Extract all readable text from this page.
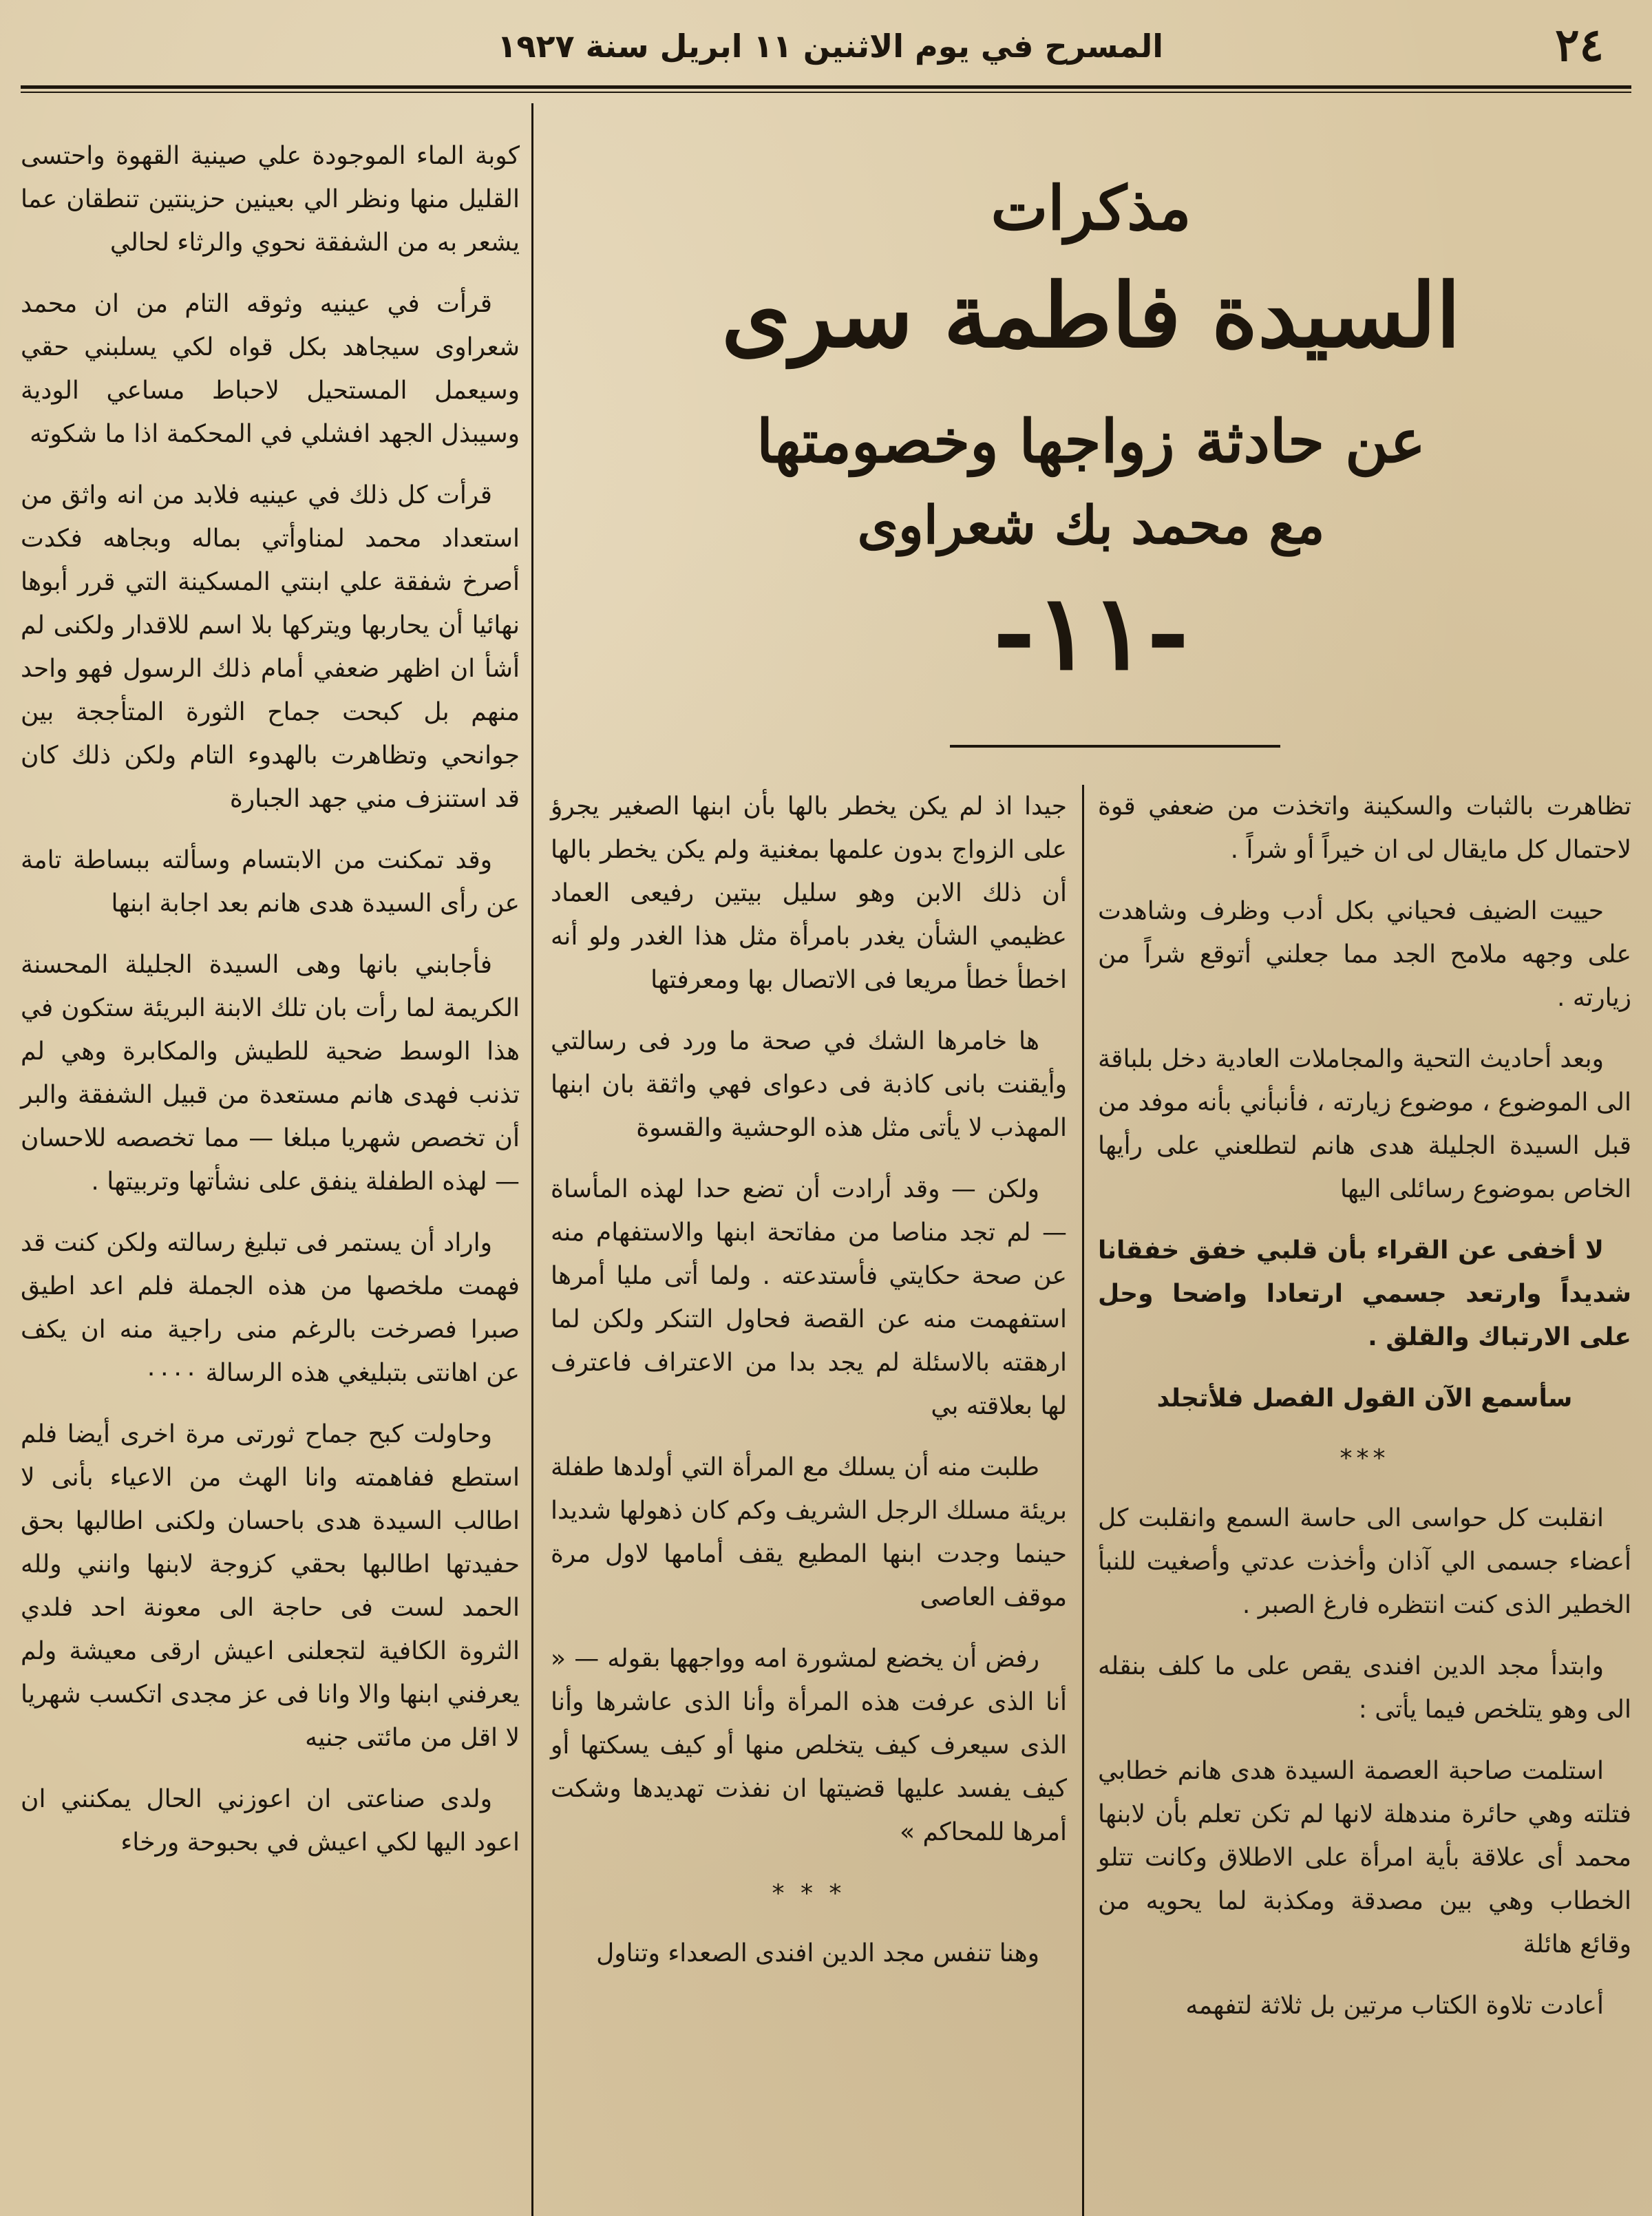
٢٤
المسرح في يوم الاثنين ١١ ابريل سنة ١٩٢٧
مذكرات
السيدة فاطمة سرى
عن حادثة زواجها وخصومتها
مع محمد بك شعراوى
-١١-

كوبة الماء الموجودة علي صينية القهوة واحتسى القليل منها ونظر الي بعينين حزينتين تنطقان عما يشعر به من الشفقة نحوي والرثاء لحالي

قرأت في عينيه وثوقه التام من ان محمد شعراوى سيجاهد بكل قواه لكي يسلبني حقي وسيعمل المستحيل لاحباط مساعي الودية وسيبذل الجهد افشلي في المحكمة اذا ما شكوته

قرأت كل ذلك في عينيه فلابد من انه واثق من استعداد محمد لمناوأتي بماله وبجاهه فكدت أصرخ شفقة علي ابنتي المسكينة التي قرر أبوها نهائيا أن يحاربها ويتركها بلا اسم للاقدار ولكنى لم أشأ ان اظهر ضعفي أمام ذلك الرسول فهو واحد منهم بل كبحت جماح الثورة المتأججة بين جوانحي وتظاهرت بالهدوء التام ولكن ذلك كان قد استنزف مني جهد الجبارة

وقد تمكنت من الابتسام وسألته ببساطة تامة عن رأى السيدة هدى هانم بعد اجابة ابنها

فأجابني بانها وهى السيدة الجليلة المحسنة الكريمة لما رأت بان تلك الابنة البريئة ستكون في هذا الوسط ضحية للطيش والمكابرة وهي لم تذنب فهدى هانم مستعدة من قبيل الشفقة والبر أن تخصص شهريا مبلغا — مما تخصصه للاحسان — لهذه الطفلة ينفق على نشأتها وتربيتها .

واراد أن يستمر فى تبليغ رسالته ولكن كنت قد فهمت ملخصها من هذه الجملة فلم اعد اطيق صبرا فصرخت بالرغم منى راجية منه ان يكف عن اهانتى بتبليغي هذه الرسالة ٠٠٠٠

وحاولت كبح جماح ثورتى مرة اخرى أيضا فلم استطع ففاهمته وانا الهث من الاعياء بأنى لا اطالب السيدة هدى باحسان ولكنى اطالبها بحق حفيدتها اطالبها بحقي كزوجة لابنها وانني ولله الحمد لست فى حاجة الى معونة احد فلدي الثروة الكافية لتجعلنى اعيش ارقى معيشة ولم يعرفني ابنها والا وانا فى عز مجدى اتكسب شهريا لا اقل من مائتى جنيه

ولدى صناعتى ان اعوزني الحال يمكنني ان اعود اليها لكي اعيش في بحبوحة ورخاء

جيدا اذ لم يكن يخطر بالها بأن ابنها الصغير يجرؤ على الزواج بدون علمها بمغنية ولم يكن يخطر بالها أن ذلك الابن وهو سليل بيتين رفيعى العماد عظيمي الشأن يغدر بامرأة مثل هذا الغدر ولو أنه اخطأ خطأ مريعا فى الاتصال بها ومعرفتها

ها خامرها الشك في صحة ما ورد فى رسالتي وأيقنت بانى كاذبة فى دعواى فهي واثقة بان ابنها المهذب لا يأتى مثل هذه الوحشية والقسوة

ولكن — وقد أرادت أن تضع حدا لهذه المأساة — لم تجد مناصا من مفاتحة ابنها والاستفهام منه عن صحة حكايتي فأستدعته . ولما أتى مليا أمرها استفهمت منه عن القصة فحاول التنكر ولكن لما ارهقته بالاسئلة لم يجد بدا من الاعتراف فاعترف لها بعلاقته بي

طلبت منه أن يسلك مع المرأة التي أولدها طفلة بريئة مسلك الرجل الشريف وكم كان ذهولها شديدا حينما وجدت ابنها المطيع يقف أمامها لاول مرة موقف العاصى

رفض أن يخضع لمشورة امه وواجهها بقوله — « أنا الذى عرفت هذه المرأة وأنا الذى عاشرها وأنا الذى سيعرف كيف يتخلص منها أو كيف يسكتها أو كيف يفسد عليها قضيتها ان نفذت تهديدها وشكت أمرها للمحاكم »

* * *

وهنا تنفس مجد الدين افندى الصعداء وتناول

تظاهرت بالثبات والسكينة واتخذت من ضعفي قوة لاحتمال كل مايقال لى ان خيراً أو شراً .

حييت الضيف فحياني بكل أدب وظرف وشاهدت على وجهه ملامح الجد مما جعلني أتوقع شراً من زيارته .

وبعد أحاديث التحية والمجاملات العادية دخل بلباقة الى الموضوع ، موضوع زيارته ، فأنبأني بأنه موفد من قبل السيدة الجليلة هدى هانم لتطلعني على رأيها الخاص بموضوع رسائلى اليها

لا أخفى عن القراء بأن قلبي خفق خفقانا شديداً وارتعد جسمي ارتعادا واضحا وحل على الارتباك والقلق .

سأسمع الآن القول الفصل فلأتجلد

***

انقلبت كل حواسى الى حاسة السمع وانقلبت كل أعضاء جسمى الي آذان وأخذت عدتي وأصغيت للنبأ الخطير الذى كنت انتظره فارغ الصبر .

وابتدأ مجد الدين افندى يقص على ما كلف بنقله الى وهو يتلخص فيما يأتى :

استلمت صاحبة العصمة السيدة هدى هانم خطابي فتلته وهي حائرة مندهلة لانها لم تكن تعلم بأن لابنها محمد أى علاقة بأية امرأة على الاطلاق وكانت تتلو الخطاب وهي بين مصدقة ومكذبة لما يحويه من وقائع هائلة

أعادت تلاوة الكتاب مرتين بل ثلاثة لتفهمه
